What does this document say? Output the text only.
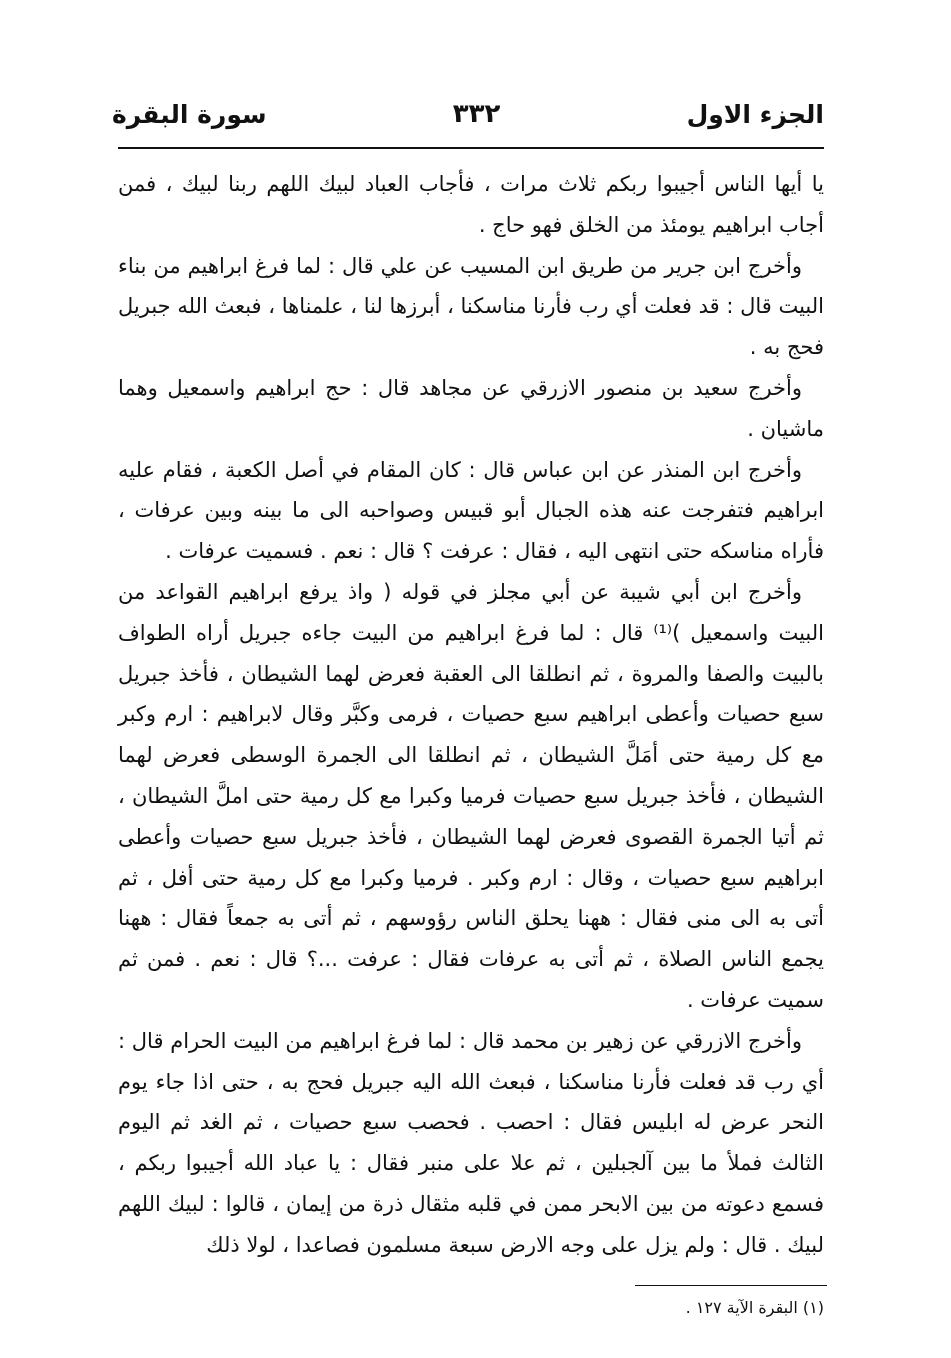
الجزء الاول
٣٣٢
سورة البقرة

يا أيها الناس أجيبوا ربكم ثلاث مرات ، فأجاب العباد لبيك اللهم ربنا لبيك ، فمن أجاب ابراهيم يومئذ من الخلق فهو حاج .

وأخرج ابن جرير من طريق ابن المسيب عن علي قال : لما فرغ ابراهيم من بناء البيت قال : قد فعلت أي رب فأرنا مناسكنا ، أبرزها لنا ، علمناها ، فبعث الله جبريل فحج به .

وأخرج سعيد بن منصور الازرقي عن مجاهد قال : حج ابراهيم واسمعيل وهما ماشيان .

وأخرج ابن المنذر عن ابن عباس قال : كان المقام في أصل الكعبة ، فقام عليه ابراهيم فتفرجت عنه هذه الجبال أبو قبيس وصواحبه الى ما بينه وبين عرفات ، فأراه مناسكه حتى انتهى اليه ، فقال : عرفت ؟ قال : نعم . فسميت عرفات .

وأخرج ابن أبي شيبة عن أبي مجلز في قوله ( واذ يرفع ابراهيم القواعد من البيت واسمعيل )⁽¹⁾ قال : لما فرغ ابراهيم من البيت جاءه جبريل أراه الطواف بالبيت والصفا والمروة ، ثم انطلقا الى العقبة فعرض لهما الشيطان ، فأخذ جبريل سبع حصيات وأعطى ابراهيم سبع حصيات ، فرمى وكبَّر وقال لابراهيم : ارم وكبر مع كل رمية حتى أمَلَّ الشيطان ، ثم انطلقا الى الجمرة الوسطى فعرض لهما الشيطان ، فأخذ جبريل سبع حصيات فرميا وكبرا مع كل رمية حتى املَّ الشيطان ، ثم أتيا الجمرة القصوى فعرض لهما الشيطان ، فأخذ جبريل سبع حصيات وأعطى ابراهيم سبع حصيات ، وقال : ارم وكبر . فرميا وكبرا مع كل رمية حتى أفل ، ثم أتى به الى منى فقال : ههنا يحلق الناس رؤوسهم ، ثم أتى به جمعاً فقال : ههنا يجمع الناس الصلاة ، ثم أتى به عرفات فقال : عرفت ...؟ قال : نعم . فمن ثم سميت عرفات .

وأخرج الازرقي عن زهير بن محمد قال : لما فرغ ابراهيم من البيت الحرام قال : أي رب قد فعلت فأرنا مناسكنا ، فبعث الله اليه جبريل فحج به ، حتى اذا جاء يوم النحر عرض له ابليس فقال : احصب . فحصب سبع حصيات ، ثم الغد ثم اليوم الثالث فملأ ما بين آلجبلين ، ثم علا على منبر فقال : يا عباد الله أجيبوا ربكم ، فسمع دعوته من بين الابحر ممن في قلبه مثقال ذرة من إيمان ، قالوا : لبيك اللهم لبيك . قال : ولم يزل على وجه الارض سبعة مسلمون فصاعدا ، لولا ذلك

(١) البقرة الآية ١٢٧ .
